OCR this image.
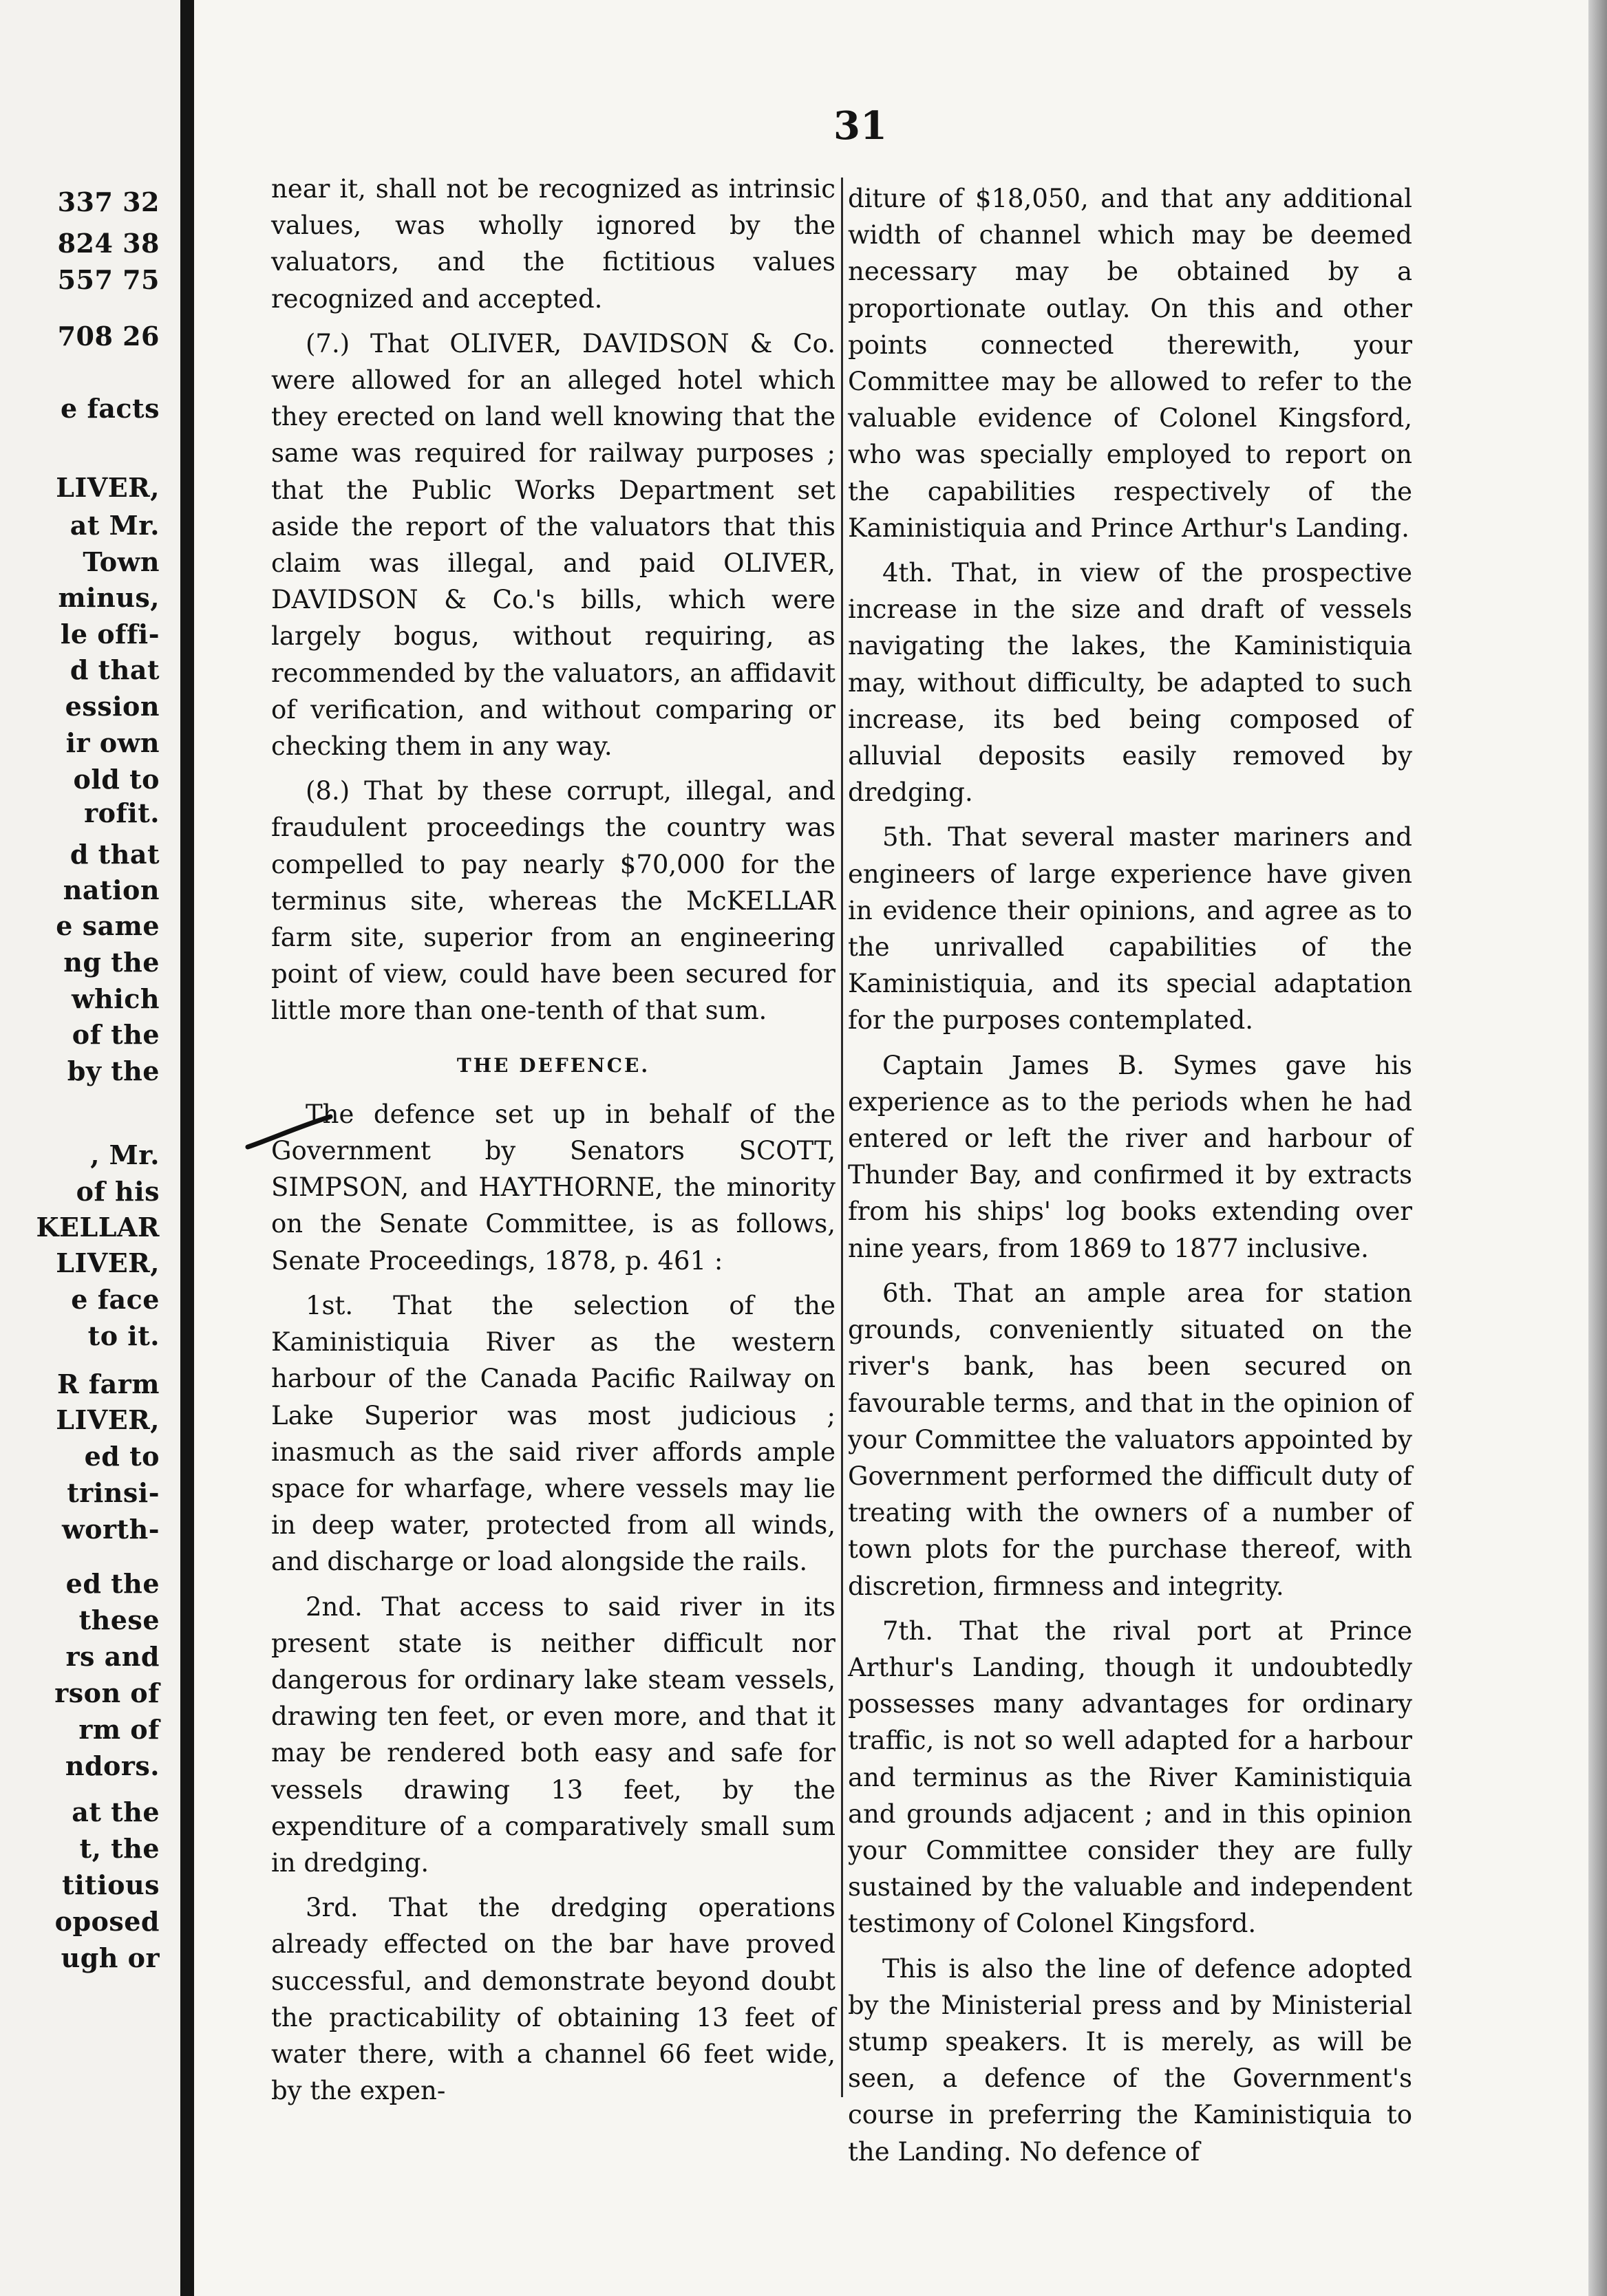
337 32
824 38
557 75
708 26
e facts
LIVER,
at Mr.
Town
minus,
le offi-
d that
ession
ir own
old to
rofit.
d that
nation
e same
ng the
which
of the
by the
, Mr.
of his
KELLAR
LIVER,
e face
to it.
R farm
LIVER,
ed to
trinsi-
worth-
ed the
these
rs and
rson of
rm of
ndors.
at the
t, the
titious
oposed
ugh or
31

near it, shall not be recognized as intrinsic values, was wholly ignored by the valuators, and the fictitious values recognized and accepted.

(7.) That OLIVER, DAVIDSON & Co. were allowed for an alleged hotel which they erected on land well knowing that the same was required for railway purposes ; that the Public Works Department set aside the report of the valuators that this claim was illegal, and paid OLIVER, DAVIDSON & Co.'s bills, which were largely bogus, without requiring, as recommended by the valuators, an affidavit of verification, and without comparing or checking them in any way.

(8.) That by these corrupt, illegal, and fraudulent proceedings the country was compelled to pay nearly $70,000 for the terminus site, whereas the McKELLAR farm site, superior from an engineering point of view, could have been secured for little more than one-tenth of that sum.

THE DEFENCE.

The defence set up in behalf of the Government by Senators SCOTT, SIMPSON, and HAYTHORNE, the minority on the Senate Committee, is as follows, Senate Proceedings, 1878, p. 461 :

1st. That the selection of the Kaministiquia River as the western harbour of the Canada Pacific Railway on Lake Superior was most judicious ; inasmuch as the said river affords ample space for wharfage, where vessels may lie in deep water, protected from all winds, and discharge or load alongside the rails.

2nd. That access to said river in its present state is neither difficult nor dangerous for ordinary lake steam vessels, drawing ten feet, or even more, and that it may be rendered both easy and safe for vessels drawing 13 feet, by the expenditure of a comparatively small sum in dredging.

3rd. That the dredging operations already effected on the bar have proved successful, and demonstrate beyond doubt the practicability of obtaining 13 feet of water there, with a channel 66 feet wide, by the expen-

diture of $18,050, and that any additional width of channel which may be deemed necessary may be obtained by a proportionate outlay. On this and other points connected therewith, your Committee may be allowed to refer to the valuable evidence of Colonel Kingsford, who was specially employed to report on the capabilities respectively of the Kaministiquia and Prince Arthur's Landing.

4th. That, in view of the prospective increase in the size and draft of vessels navigating the lakes, the Kaministiquia may, without difficulty, be adapted to such increase, its bed being composed of alluvial deposits easily removed by dredging.

5th. That several master mariners and engineers of large experience have given in evidence their opinions, and agree as to the unrivalled capabilities of the Kaministiquia, and its special adaptation for the purposes contemplated.

Captain James B. Symes gave his experience as to the periods when he had entered or left the river and harbour of Thunder Bay, and confirmed it by extracts from his ships' log books extending over nine years, from 1869 to 1877 inclusive.

6th. That an ample area for station grounds, conveniently situated on the river's bank, has been secured on favourable terms, and that in the opinion of your Committee the valuators appointed by Government performed the difficult duty of treating with the owners of a number of town plots for the purchase thereof, with discretion, firmness and integrity.

7th. That the rival port at Prince Arthur's Landing, though it undoubtedly possesses many advantages for ordinary traffic, is not so well adapted for a harbour and terminus as the River Kaministiquia and grounds adjacent ; and in this opinion your Committee consider they are fully sustained by the valuable and independent testimony of Colonel Kingsford.

This is also the line of defence adopted by the Ministerial press and by Ministerial stump speakers. It is merely, as will be seen, a defence of the Government's course in preferring the Kaministiquia to the Landing. No defence of
